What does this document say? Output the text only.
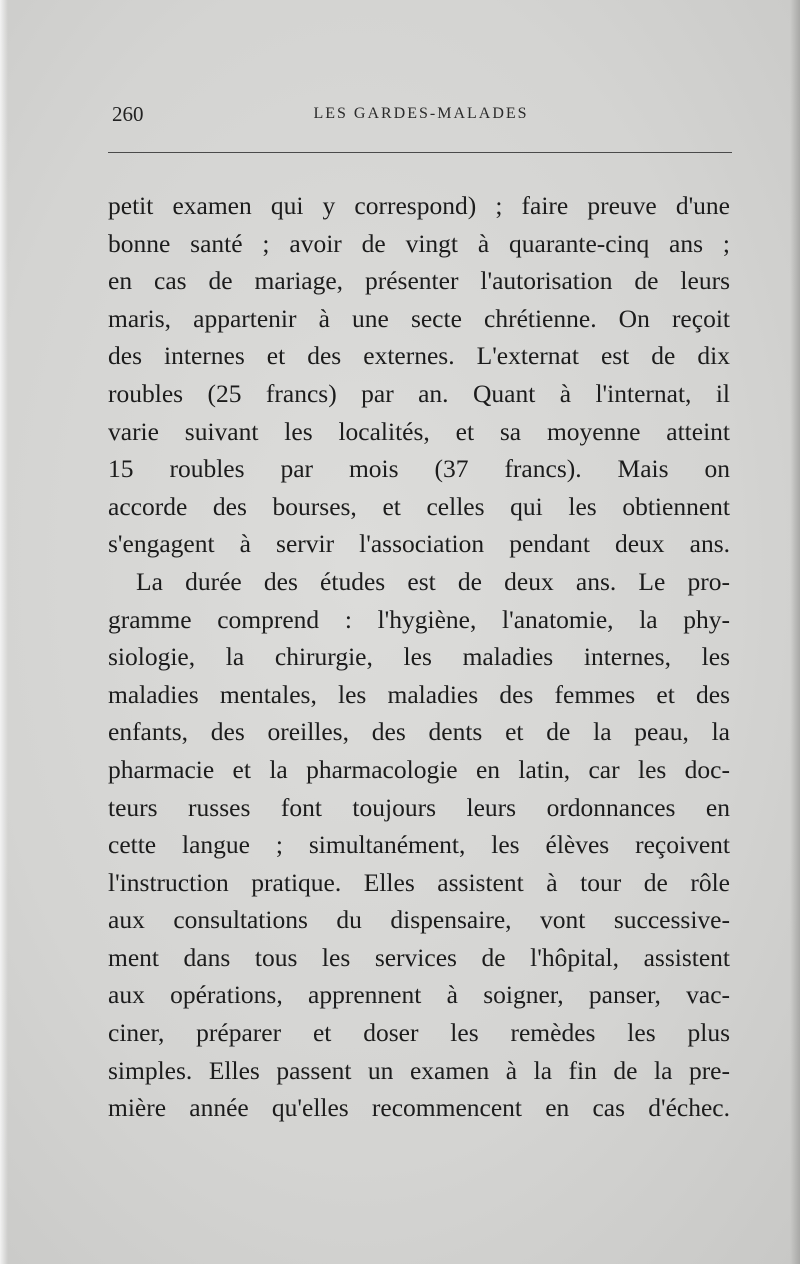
260	LES GARDES-MALADES
petit examen qui y correspond) ; faire preuve d'une
bonne santé ; avoir de vingt à quarante-cinq ans ;
en cas de mariage, présenter l'autorisation de leurs
maris, appartenir à une secte chrétienne. On reçoit
des internes et des externes. L'externat est de dix
roubles (25 francs) par an. Quant à l'internat, il
varie suivant les localités, et sa moyenne atteint
15 roubles par mois (37 francs). Mais on
accorde des bourses, et celles qui les obtiennent
s'engagent à servir l'association pendant deux ans.
La durée des études est de deux ans. Le pro-
gramme comprend : l'hygiène, l'anatomie, la phy-
siologie, la chirurgie, les maladies internes, les
maladies mentales, les maladies des femmes et des
enfants, des oreilles, des dents et de la peau, la
pharmacie et la pharmacologie en latin, car les doc-
teurs russes font toujours leurs ordonnances en
cette langue ; simultanément, les élèves reçoivent
l'instruction pratique. Elles assistent à tour de rôle
aux consultations du dispensaire, vont successive-
ment dans tous les services de l'hôpital, assistent
aux opérations, apprennent à soigner, panser, vac-
ciner, préparer et doser les remèdes les plus
simples. Elles passent un examen à la fin de la pre-
mière année qu'elles recommencent en cas d'échec.
